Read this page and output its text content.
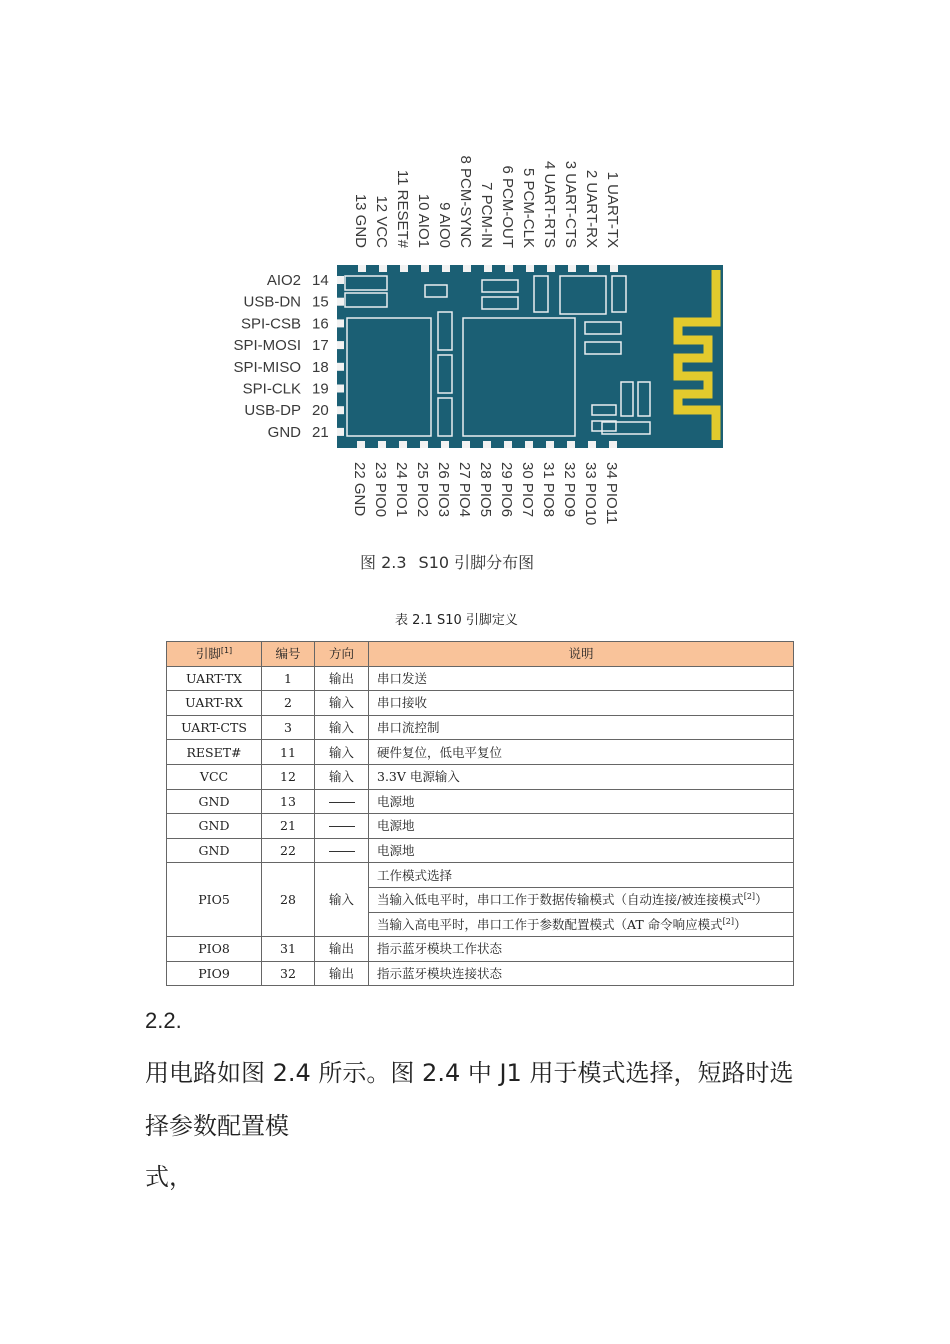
1 UART-TX
2 UART-RX
3 UART-CTS
4 UART-RTS
5 PCM-CLK
6 PCM-OUT
7 PCM-IN
8 PCM-SYNC
9 AIO0
10 AIO1
11 RESET#
12 VCC
13 GND
14
AIO2
15
USB-DN
16
SPI-CSB
17
SPI-MOSI
18
SPI-MISO
19
SPI-CLK
20
USB-DP
21
GND
22 GND 23 PIO0 24 PIO1 25 PIO2 26 PIO3 27 PIO4 28 PIO5 29 PIO6 30 PIO7 31 PIO8 32 PIO9 33 PIO10 34 PIO11
图 2.3 S10 引脚分布图
表 2.1 S10 引脚定义
引脚[1]	编号	方向	说明
UART-TX	1	输出	串口发送
UART-RX	2	输入	串口接收
UART-CTS	3	输入	串口流控制
RESET#	11	输入	硬件复位，低电平复位
VCC	12	输入	3.3V 电源输入
GND	13		电源地
GND	21		电源地
GND	22		电源地
PIO5	28	输入	工作模式选择
			当输入低电平时，串口工作于数据传输模式（自动连接/被连接模式[2]）
			当输入高电平时，串口工作于参数配置模式（AT 命令响应模式[2]）
PIO8	31	输出	指示蓝牙模块工作状态
PIO9	32	输出	指示蓝牙模块连接状态
2.2.
用电路如图 2.4 所示。图 2.4 中 J1 用于模式选择，短路时选
择参数配置模
式，
